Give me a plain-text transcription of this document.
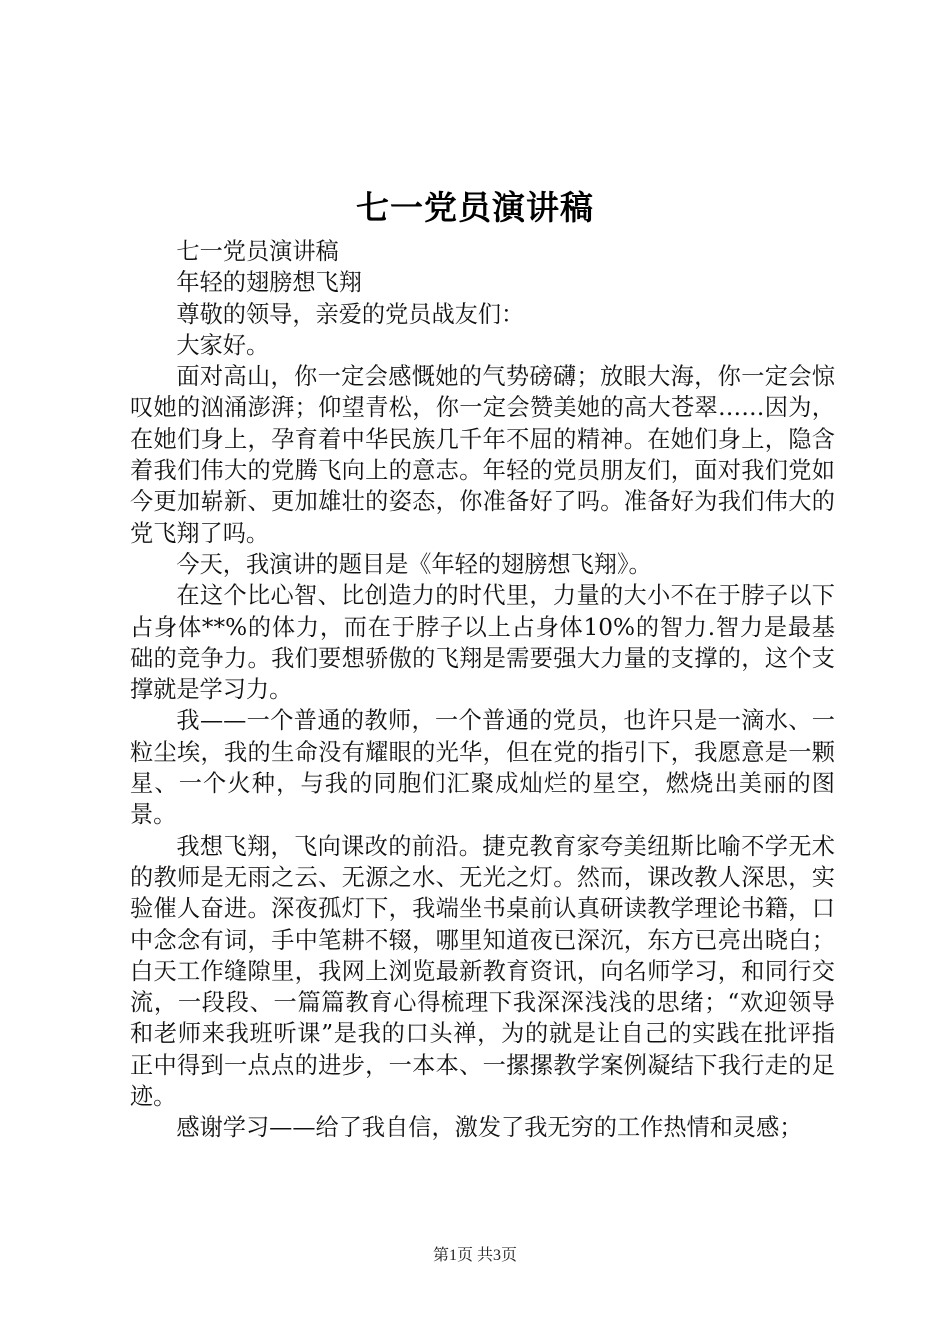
七一党员演讲稿

七一党员演讲稿

年轻的翅膀想飞翔

尊敬的领导，亲爱的党员战友们：

大家好。

面对高山，你一定会感慨她的气势磅礴；放眼大海，你一定会惊叹她的汹涌澎湃；仰望青松，你一定会赞美她的高大苍翠……因为，在她们身上，孕育着中华民族几千年不屈的精神。在她们身上，隐含着我们伟大的党腾飞向上的意志。年轻的党员朋友们，面对我们党如今更加崭新、更加雄壮的姿态，你准备好了吗。准备好为我们伟大的党飞翔了吗。

今天，我演讲的题目是《年轻的翅膀想飞翔》。

在这个比心智、比创造力的时代里，力量的大小不在于脖子以下占身体**%的体力，而在于脖子以上占身体10%的智力.智力是最基础的竞争力。我们要想骄傲的飞翔是需要强大力量的支撑的，这个支撑就是学习力。

我——一个普通的教师，一个普通的党员，也许只是一滴水、一粒尘埃，我的生命没有耀眼的光华，但在党的指引下，我愿意是一颗星、一个火种，与我的同胞们汇聚成灿烂的星空，燃烧出美丽的图景。

我想飞翔，飞向课改的前沿。捷克教育家夸美纽斯比喻不学无术的教师是无雨之云、无源之水、无光之灯。然而，课改教人深思，实验催人奋进。深夜孤灯下，我端坐书桌前认真研读教学理论书籍，口中念念有词，手中笔耕不辍，哪里知道夜已深沉，东方已亮出晓白；白天工作缝隙里，我网上浏览最新教育资讯，向名师学习，和同行交流，一段段、一篇篇教育心得梳理下我深深浅浅的思绪；“欢迎领导和老师来我班听课”是我的口头禅，为的就是让自己的实践在批评指正中得到一点点的进步，一本本、一摞摞教学案例凝结下我行走的足迹。

感谢学习——给了我自信，激发了我无穷的工作热情和灵感；

第1页 共3页
